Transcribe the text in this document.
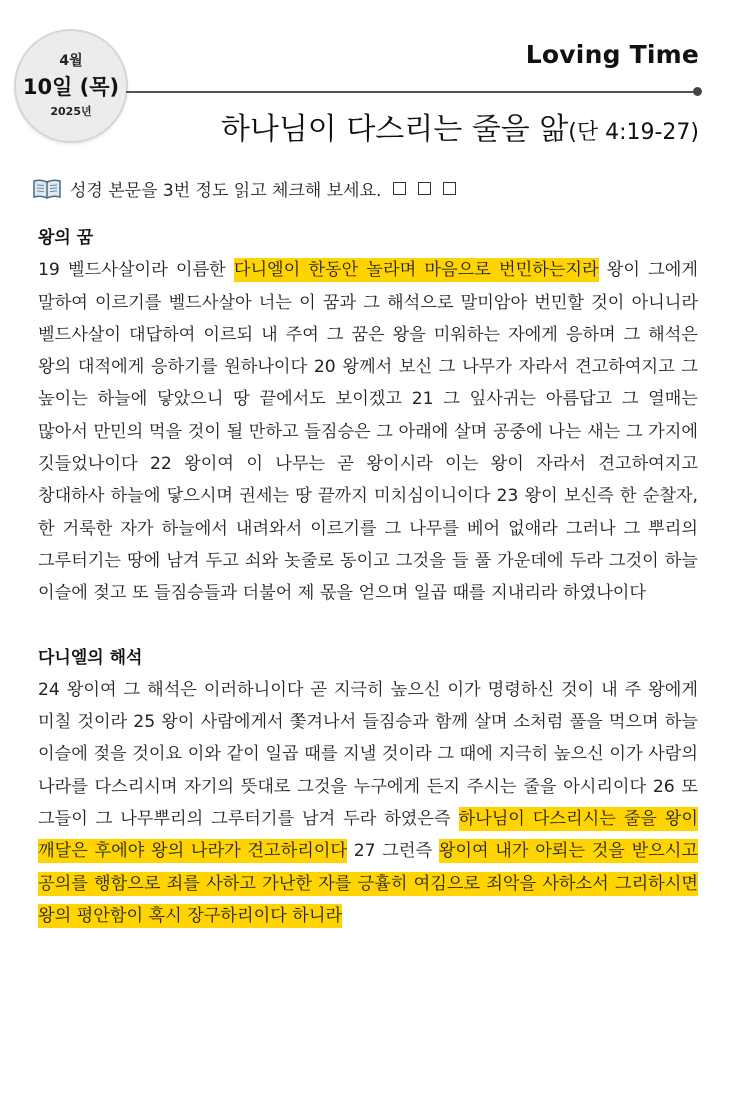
4월
10일 (목)
2025년
Loving Time
하나님이 다스리는 줄을 앎(단 4:19-27)
성경 본문을 3번 정도 읽고 체크해 보세요.
왕의 꿈
19 벨드사살이라 이름한 다니엘이 한동안 놀라며 마음으로 번민하는지라 왕이 그에게 말하여 이르기를 벨드사살아 너는 이 꿈과 그 해석으로 말미암아 번민할 것이 아니니라 벨드사살이 대답하여 이르되 내 주여 그 꿈은 왕을 미워하는 자에게 응하며 그 해석은 왕의 대적에게 응하기를 원하나이다 20 왕께서 보신 그 나무가 자라서 견고하여지고 그 높이는 하늘에 닿았으니 땅 끝에서도 보이겠고 21 그 잎사귀는 아름답고 그 열매는 많아서 만민의 먹을 것이 될 만하고 들짐승은 그 아래에 살며 공중에 나는 새는 그 가지에 깃들었나이다 22 왕이여 이 나무는 곧 왕이시라 이는 왕이 자라서 견고하여지고 창대하사 하늘에 닿으시며 권세는 땅 끝까지 미치심이니이다 23 왕이 보신즉 한 순찰자, 한 거룩한 자가 하늘에서 내려와서 이르기를 그 나무를 베어 없애라 그러나 그 뿌리의 그루터기는 땅에 남겨 두고 쇠와 놋줄로 동이고 그것을 들 풀 가운데에 두라 그것이 하늘 이슬에 젖고 또 들짐승들과 더불어 제 몫을 얻으며 일곱 때를 지내리라 하였나이다
다니엘의 해석
24 왕이여 그 해석은 이러하니이다 곧 지극히 높으신 이가 명령하신 것이 내 주 왕에게 미칠 것이라 25 왕이 사람에게서 쫓겨나서 들짐승과 함께 살며 소처럼 풀을 먹으며 하늘 이슬에 젖을 것이요 이와 같이 일곱 때를 지낼 것이라 그 때에 지극히 높으신 이가 사람의 나라를 다스리시며 자기의 뜻대로 그것을 누구에게 든지 주시는 줄을 아시리이다 26 또 그들이 그 나무뿌리의 그루터기를 남겨 두라 하였은즉 하나님이 다스리시는 줄을 왕이 깨달은 후에야 왕의 나라가 견고하리이다 27 그런즉 왕이여 내가 아뢰는 것을 받으시고 공의를 행함으로 죄를 사하고 가난한 자를 긍휼히 여김으로 죄악을 사하소서 그리하시면 왕의 평안함이 혹시 장구하리이다 하니라
